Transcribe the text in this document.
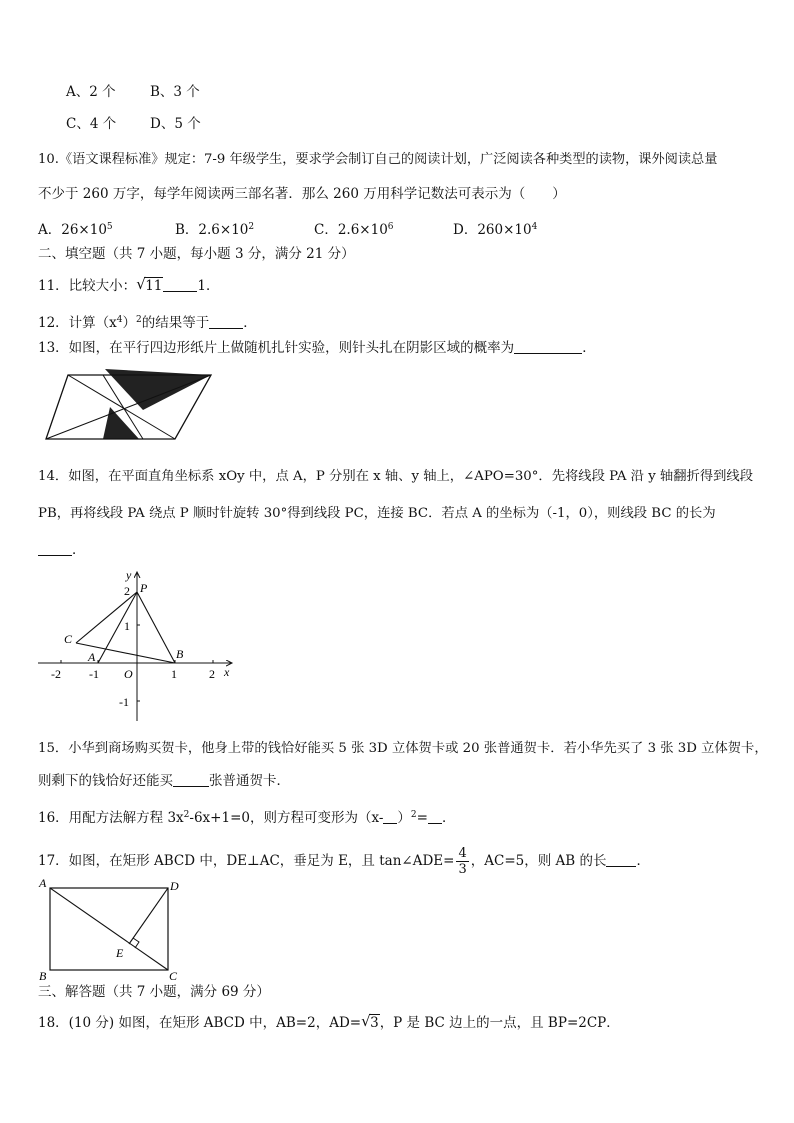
A、2 个	B、3 个
C、4 个	D、5 个
10.《语文课程标准》规定：7-9 年级学生，要求学会制订自己的阅读计划，广泛阅读各种类型的读物，课外阅读总量
不少于 260 万字，每学年阅读两三部名著．那么 260 万用科学记数法可表示为（　　）
A．$26\times 10^5$	B．$2.6\times 10^2$	C．$2.6\times 10^6$	D．$260\times 10^4$
二、填空题（共 7 小题，每小题 3 分，满分 21 分）
11．比较大小： √ 11	1．
12．计算$(x^4)^2$的结果等于	．
13．如图，在平行四边形纸片上做随机扎针实验，则针头扎在阴影区域的概率为	．
14．如图，在平面直角坐标系 xOy 中，点 A，P 分别在 x 轴、y 轴上，∠APO=30°．先将线段 PA 沿 y 轴翻折得到线段
PB，再将线段 PA 绕点 P 顺时针旋转 30°得到线段 PC，连接 BC．若点 A 的坐标为（-1，0），则线段 BC 的长为
．
x
y
O
-2 -1	1	2
2
1
-1
P
A	B
C
15．小华到商场购买贺卡，他身上带的钱恰好能买 5 张 3D 立体贺卡或 20 张普通贺卡．若小华先买了 3 张 3D 立体贺卡，
则剩下的钱恰好还能买	张普通贺卡．
16．用配方法解方程 $3x^2-6x+1=0$，则方程可变形为（x- ）$^2$= ．
17．如图，在矩形 ABCD 中，DE⊥AC，垂足为 E，且 tan∠ADE= $\frac{4}{3}$ ，AC=5，则 AB 的长 ．
A	D
B	C
E
三、解答题（共 7 小题，满分 69 分）
18．(10 分) 如图，在矩形 ABCD 中，AB=2，AD= √ 3，P 是 BC 边上的一点，且 BP=2CP．
